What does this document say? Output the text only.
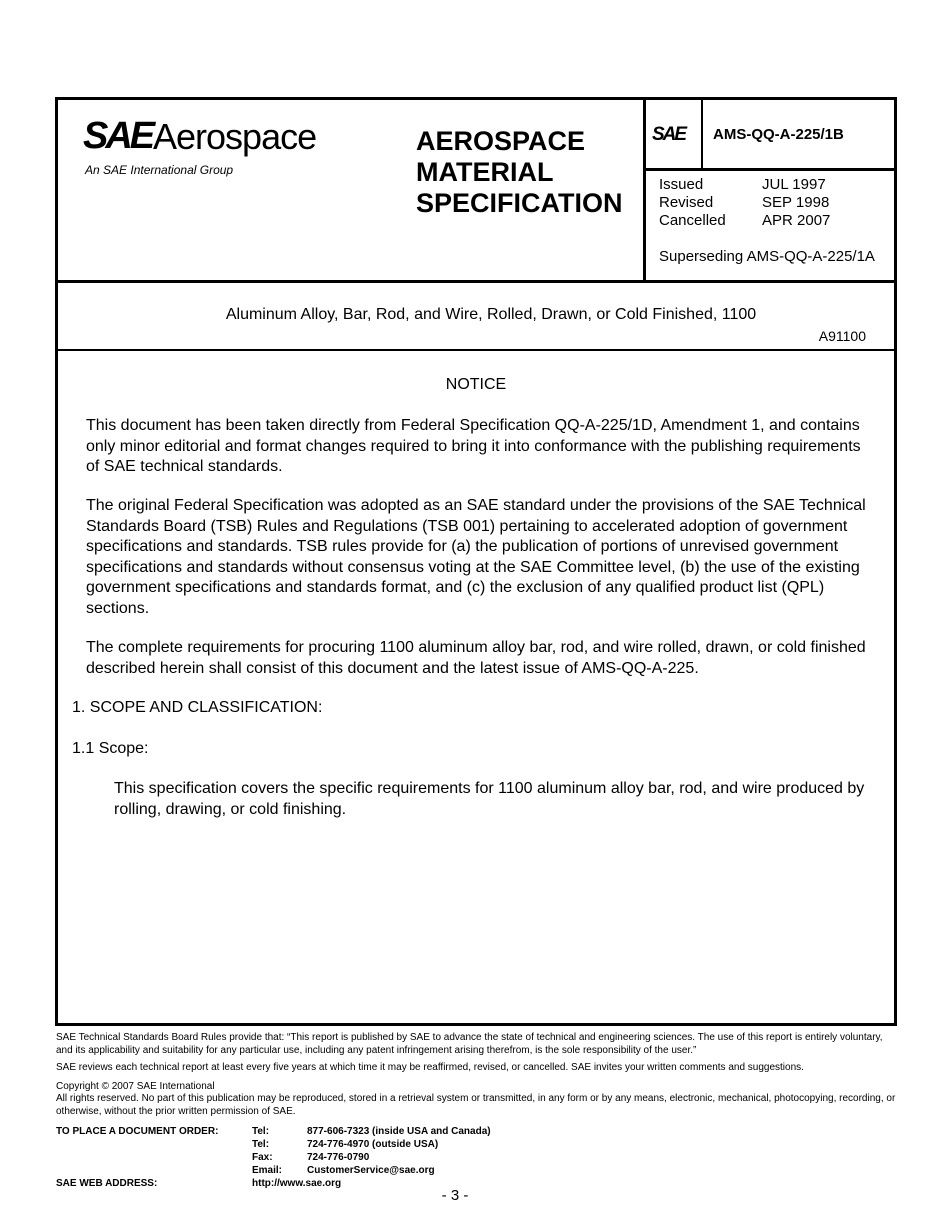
SAE Aerospace
An SAE International Group
AEROSPACE
MATERIAL
SPECIFICATION
SAE AMS-QQ-A-225/1B
Issued	JUL 1997
Revised	SEP 1998
Cancelled	APR 2007
Superseding AMS-QQ-A-225/1A
Aluminum Alloy, Bar, Rod, and Wire, Rolled, Drawn, or Cold Finished, 1100
A91100
NOTICE
This document has been taken directly from Federal Specification QQ-A-225/1D, Amendment 1, and contains only minor editorial and format changes required to bring it into conformance with the publishing requirements of SAE technical standards.
The original Federal Specification was adopted as an SAE standard under the provisions of the SAE Technical Standards Board (TSB) Rules and Regulations (TSB 001) pertaining to accelerated adoption of government specifications and standards. TSB rules provide for (a) the publication of portions of unrevised government specifications and standards without consensus voting at the SAE Committee level, (b) the use of the existing government specifications and standards format, and (c) the exclusion of any qualified product list (QPL) sections.
The complete requirements for procuring 1100 aluminum alloy bar, rod, and wire rolled, drawn, or cold finished described herein shall consist of this document and the latest issue of AMS-QQ-A-225.
1. SCOPE AND CLASSIFICATION:
1.1 Scope:
This specification covers the specific requirements for 1100 aluminum alloy bar, rod, and wire produced by rolling, drawing, or cold finishing.
SAE Technical Standards Board Rules provide that: “This report is published by SAE to advance the state of technical and engineering sciences. The use of this report is entirely voluntary, and its applicability and suitability for any particular use, including any patent infringement arising therefrom, is the sole responsibility of the user.”
SAE reviews each technical report at least every five years at which time it may be reaffirmed, revised, or cancelled. SAE invites your written comments and suggestions.
Copyright © 2007 SAE International
All rights reserved. No part of this publication may be reproduced, stored in a retrieval system or transmitted, in any form or by any means, electronic, mechanical, photocopying, recording, or otherwise, without the prior written permission of SAE.
TO PLACE A DOCUMENT ORDER:	Tel:	877-606-7323 (inside USA and Canada)
Tel:	724-776-4970 (outside USA)
Fax:	724-776-0790
Email: CustomerService@sae.org
SAE WEB ADDRESS:	http://www.sae.org
- 3 -
